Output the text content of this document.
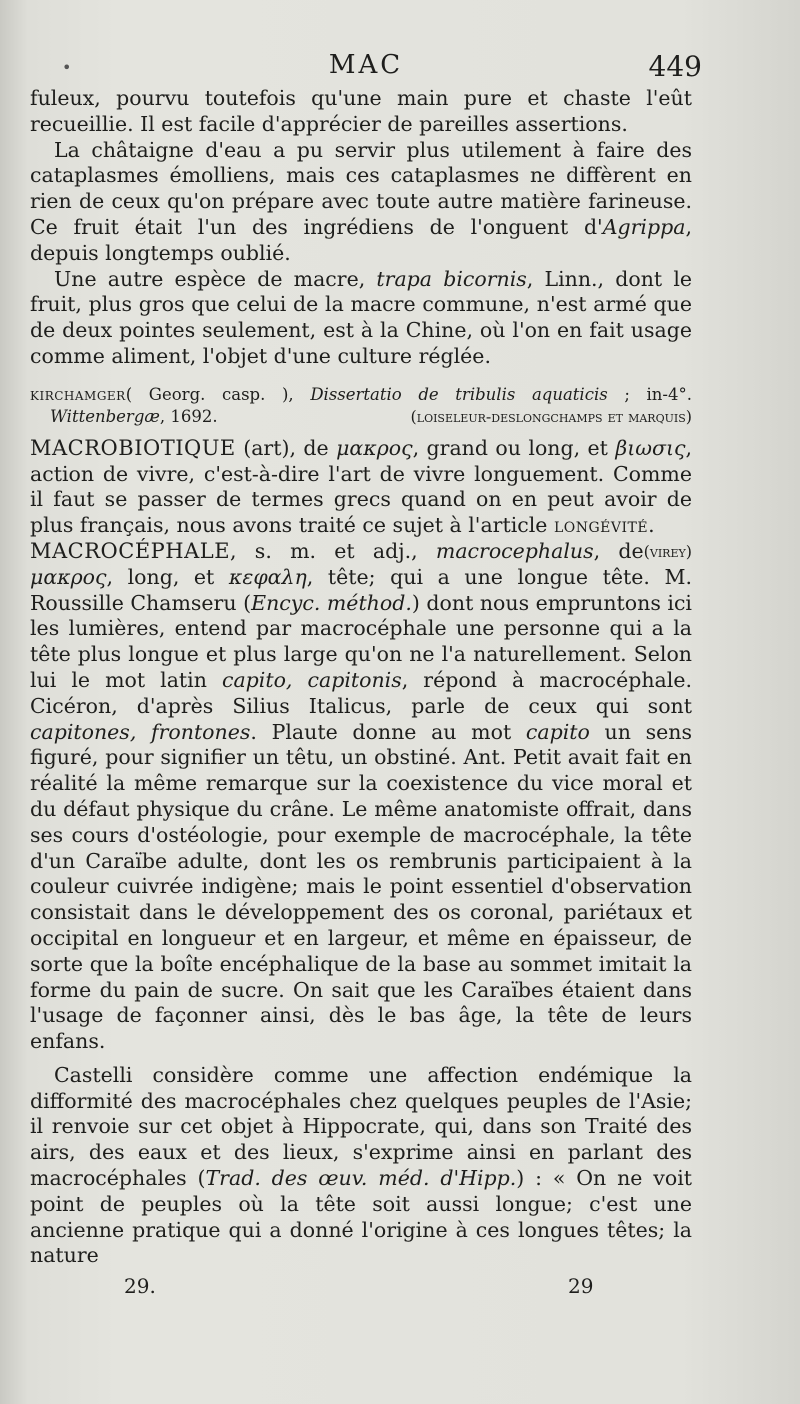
•	MAC	449

fuleux, pourvu toutefois qu'une main pure et chaste l'eût recueillie. Il est facile d'apprécier de pareilles assertions.

La châtaigne d'eau a pu servir plus utilement à faire des cataplasmes émolliens, mais ces cataplasmes ne diffèrent en rien de ceux qu'on prépare avec toute autre matière farineuse. Ce fruit était l'un des ingrédiens de l'onguent d'Agrippa, depuis longtemps oublié.

Une autre espèce de macre, trapa bicornis, Linn., dont le fruit, plus gros que celui de la macre commune, n'est armé que de deux pointes seulement, est à la Chine, où l'on en fait usage comme aliment, l'objet d'une culture réglée.

kirchamger( Georg. casp. ), Dissertatio de tribulis aquaticis ; in-4°. Wittenbergæ, 1692.	(loiseleur-deslongchamps et marquis)

MACROBIOTIQUE (art), de μακρος, grand ou long, et βιωσις, action de vivre, c'est-à-dire l'art de vivre longuement. Comme il faut se passer de termes grecs quand on en peut avoir de plus français, nous avons traité ce sujet à l'article longévité.
(virey)

MACROCÉPHALE, s. m. et adj., macrocephalus, de μακρος, long, et κεφαλη, tête; qui a une longue tête. M. Roussille Chamseru (Encyc. méthod.) dont nous empruntons ici les lumières, entend par macrocéphale une personne qui a la tête plus longue et plus large qu'on ne l'a naturellement. Selon lui le mot latin capito, capitonis, répond à macrocéphale. Cicéron, d'après Silius Italicus, parle de ceux qui sont capitones, frontones. Plaute donne au mot capito un sens figuré, pour signifier un têtu, un obstiné. Ant. Petit avait fait en réalité la même remarque sur la coexistence du vice moral et du défaut physique du crâne. Le même anatomiste offrait, dans ses cours d'ostéologie, pour exemple de macrocéphale, la tête d'un Caraïbe adulte, dont les os rembrunis participaient à la couleur cuivrée indigène; mais le point essentiel d'observation consistait dans le développement des os coronal, pariétaux et occipital en longueur et en largeur, et même en épaisseur, de sorte que la boîte encéphalique de la base au sommet imitait la forme du pain de sucre. On sait que les Caraïbes étaient dans l'usage de façonner ainsi, dès le bas âge, la tête de leurs enfans.

Castelli considère comme une affection endémique la difformité des macrocéphales chez quelques peuples de l'Asie; il renvoie sur cet objet à Hippocrate, qui, dans son Traité des airs, des eaux et des lieux, s'exprime ainsi en parlant des macrocéphales (Trad. des œuv. méd. d'Hipp.) : « On ne voit point de peuples où la tête soit aussi longue; c'est une ancienne pratique qui a donné l'origine à ces longues têtes; la nature

29.	29
